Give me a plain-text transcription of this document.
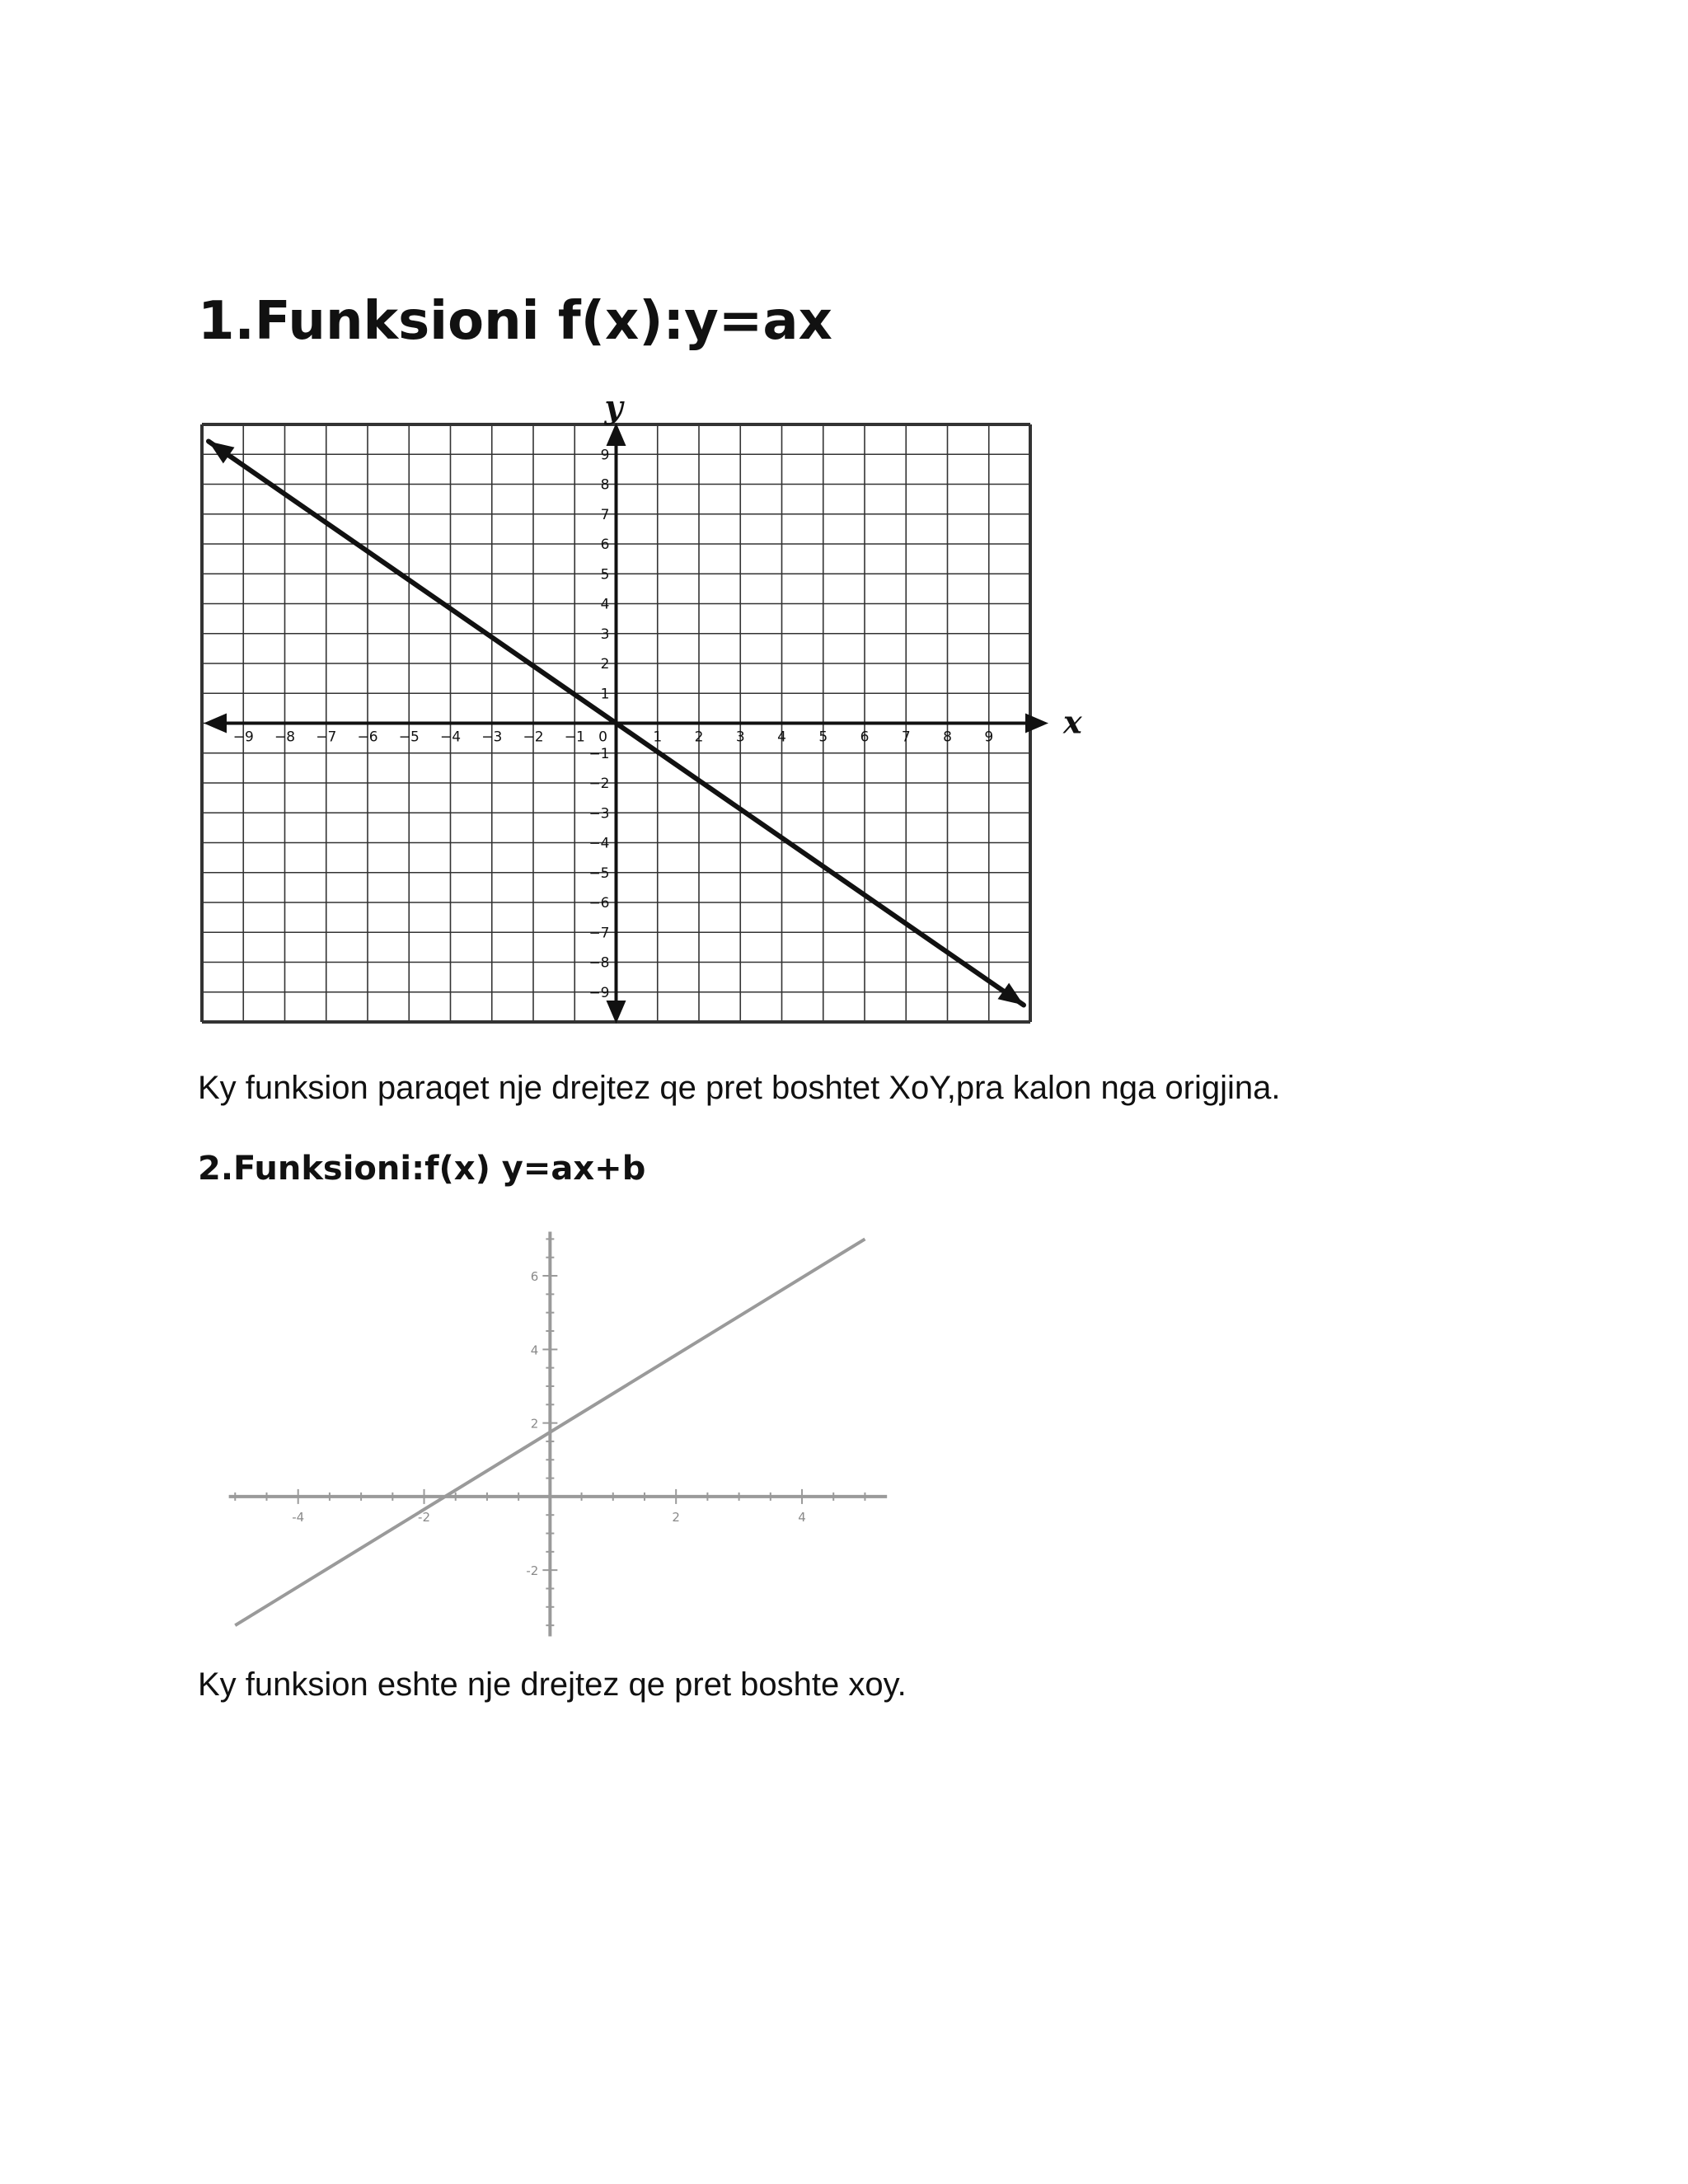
1.Funksioni f(x):y=ax
9
8
7
6
5
4
3
2
1
−1
−2
−3
−4
−5
−6
−7
−8
−9
−9 −8 −7 −6 −5 −4 −3 −2 −1 0	1 2 3 4 5 6 7 8 9 x
y

Ky funksion paraqet nje drejtez qe pret boshtet XoY,pra kalon nga origjina.

2.Funksioni:f(x) y=ax+b
-4	-2	2	4
6
4
2
-2

Ky funksion eshte nje drejtez qe pret boshte xoy.
